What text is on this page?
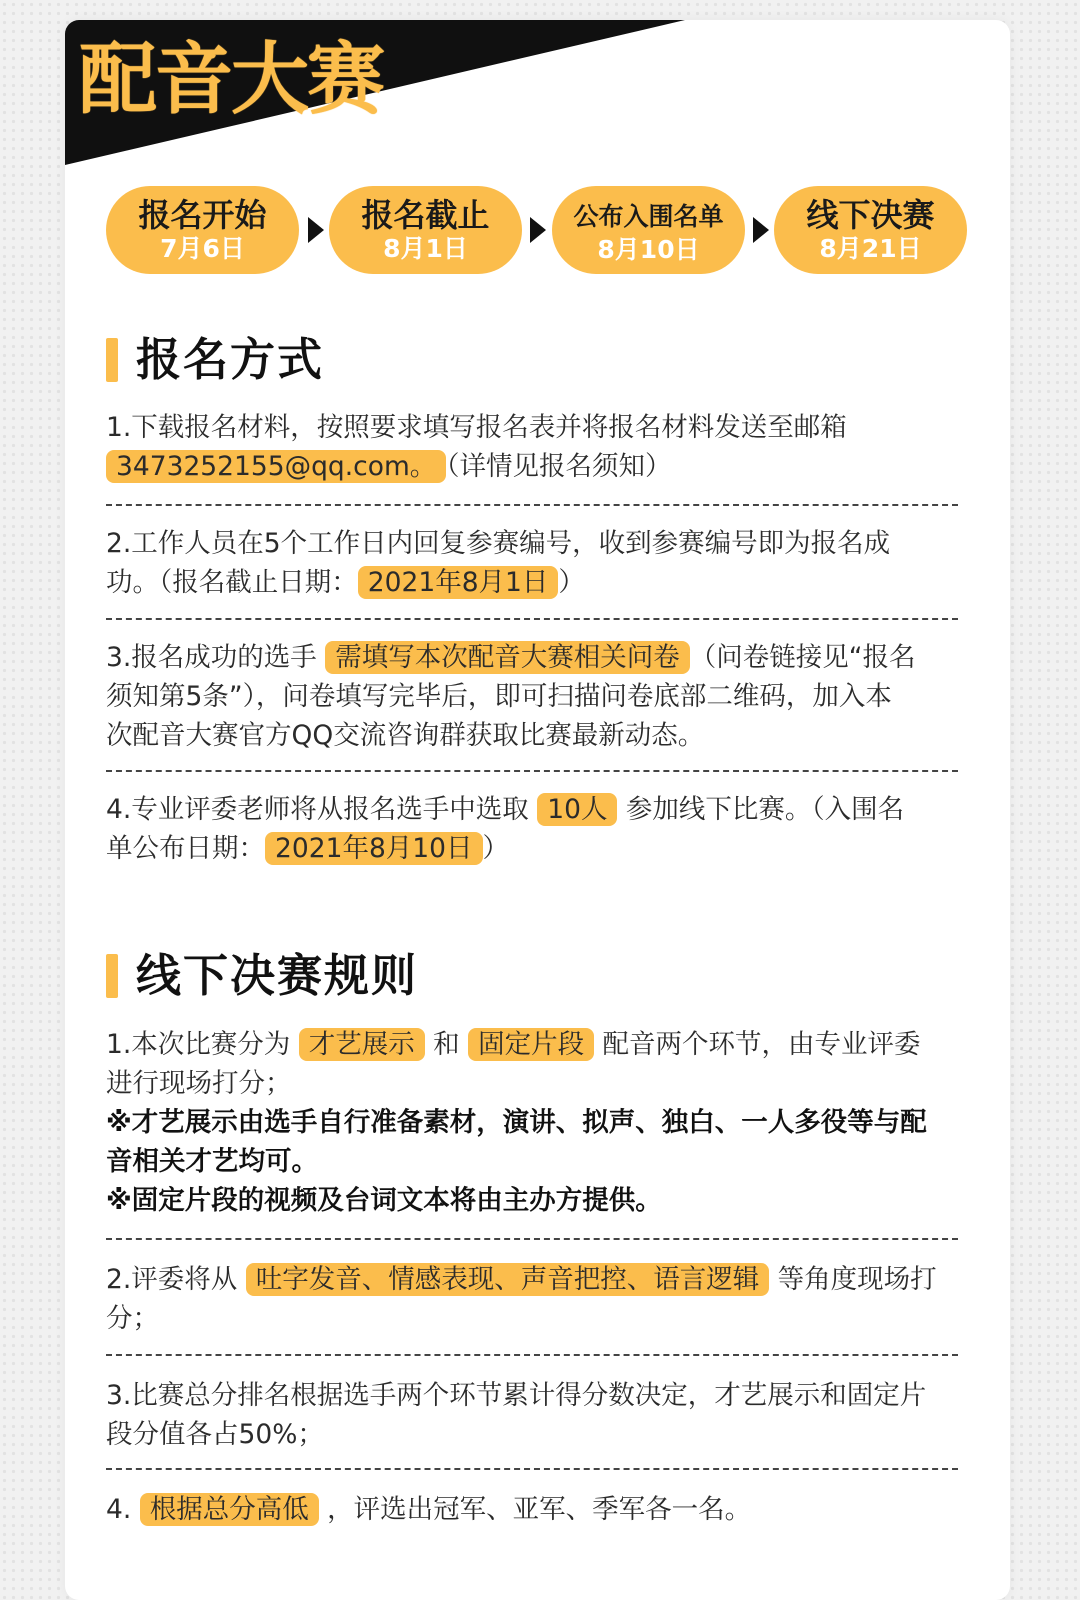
配音大赛
报名开始
7月6日
报名截止
8月1日
公布入围名单
8月10日
线下决赛
8月21日
报名方式

1.下载报名材料，按照要求填写报名表并将报名材料发送至邮箱

3473252155@qq.com。 （详情见报名须知）

2.工作人员在5个工作日内回复参赛编号，收到参赛编号即为报名成

功。（报名截止日期： 2021年8月1日 ）

3.报名成功的选手 需填写本次配音大赛相关问卷 （问卷链接见“报名

须知第5条”），问卷填写完毕后，即可扫描问卷底部二维码，加入本

次配音大赛官方QQ交流咨询群获取比赛最新动态。

4.专业评委老师将从报名选手中选取 10人 参加线下比赛。（入围名

单公布日期： 2021年8月10日 ）

线下决赛规则

1.本次比赛分为 才艺展示 和 固定片段 配音两个环节，由专业评委

进行现场打分；

※才艺展示由选手自行准备素材，演讲、拟声、独白、一人多役等与配

音相关才艺均可。

※固定片段的视频及台词文本将由主办方提供。

2.评委将从 吐字发音、情感表现、声音把控、语言逻辑 等角度现场打

分；

3.比赛总分排名根据选手两个环节累计得分数决定，才艺展示和固定片

段分值各占50%；

4. 根据总分高低 ，评选出冠军、亚军、季军各一名。
